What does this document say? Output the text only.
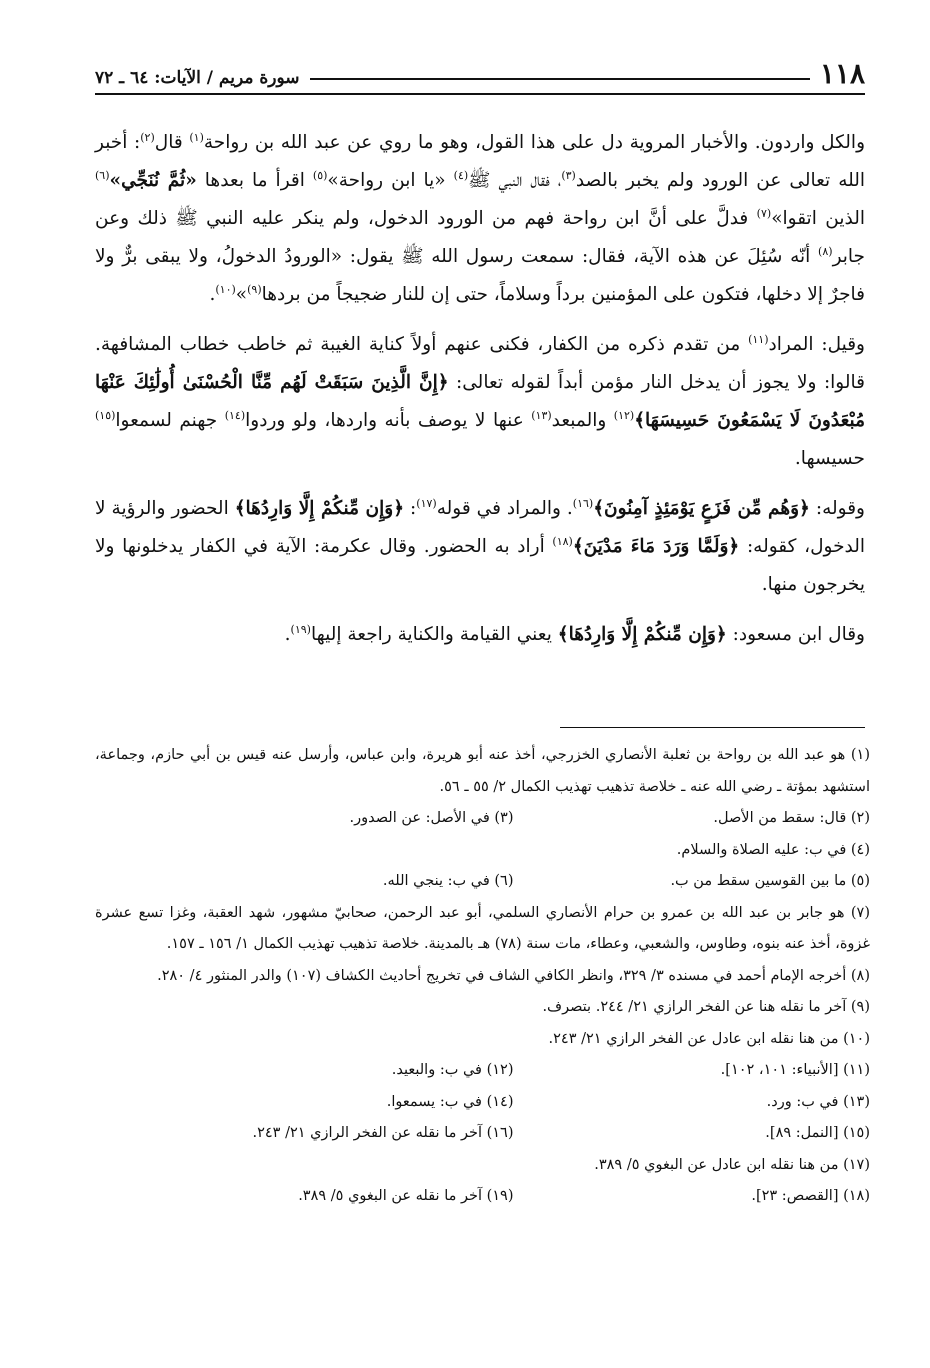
١١٨
سورة مريم / الآيات: ٦٤ ـ ٧٢

والكل واردون. والأخبار المروية دل على هذا القول، وهو ما روي عن عبد الله بن رواحة$^{(١)}$ قال$^{(٢)}$: أخبر الله تعالى عن الورود ولم يخبر بالصد$^{(٣)}$، فقال النبي ﷺ$^{(٤)}$ «يا ابن رواحة»$^{(٥)}$ اقرأ ما بعدها «ثُمَّ نُنَجِّي»$^{(٦)}$ الذين اتقوا»$^{(٧)}$ فدلَّ على أنَّ ابن رواحة فهم من الورود الدخول، ولم ينكر عليه النبي ﷺ ذلك وعن جابر$^{(٨)}$ أنّه سُئِلَ عن هذه الآية، فقال: سمعت رسول الله ﷺ يقول: «الورودُ الدخولُ، ولا يبقى برٌّ ولا فاجرٌ إلا دخلها، فتكون على المؤمنين برداً وسلاماً، حتى إن للنار ضجيجاً من بردها$^{(٩)}$»$^{(١٠)}$.

وقيل: المراد$^{(١١)}$ من تقدم ذكره من الكفار، فكنى عنهم أولاً كناية الغيبة ثم خاطب خطاب المشافهة. قالوا: ولا يجوز أن يدخل النار مؤمن أبداً لقوله تعالى: ﴿إِنَّ الَّذِينَ سَبَقَتْ لَهُم مِّنَّا الْحُسْنَىٰ أُولَٰئِكَ عَنْهَا مُبْعَدُونَ لَا يَسْمَعُونَ حَسِيسَهَا﴾$^{(١٢)}$ والمبعد$^{(١٣)}$ عنها لا يوصف بأنه واردها، ولو وردوا$^{(١٤)}$ جهنم لسمعوا$^{(١٥)}$ حسيسها.

وقوله: ﴿وَهُم مِّن فَزَعٍ يَوْمَئِذٍ آمِنُونَ﴾$^{(١٦)}$. والمراد في قوله$^{(١٧)}$: ﴿وَإِن مِّنكُمْ إِلَّا وَارِدُهَا﴾ الحضور والرؤية لا الدخول، كقوله: ﴿وَلَمَّا وَرَدَ مَاءَ مَدْيَنَ﴾$^{(١٨)}$ أراد به الحضور. وقال عكرمة: الآية في الكفار يدخلونها ولا يخرجون منها.

وقال ابن مسعود: ﴿وَإِن مِّنكُمْ إِلَّا وَارِدُهَا﴾ يعني القيامة والكناية راجعة إليها$^{(١٩)}$.

(١) هو عبد الله بن رواحة بن ثعلبة الأنصاري الخزرجي، أخذ عنه أبو هريرة، وابن عباس، وأرسل عنه قيس بن أبي حازم، وجماعة، استشهد بمؤتة ـ رضي الله عنه ـ خلاصة تذهيب تهذيب الكمال ٢/ ٥٥ ـ ٥٦.

(٢) قال: سقط من الأصل.

(٣) في الأصل: عن الصدور.

(٤) في ب: عليه الصلاة والسلام.

(٥) ما بين القوسين سقط من ب.

(٦) في ب: ينجي الله.

(٧) هو جابر بن عبد الله بن عمرو بن حرام الأنصاري السلمي، أبو عبد الرحمن، صحابيّ مشهور، شهد العقبة، وغزا تسع عشرة غزوة، أخذ عنه بنوه، وطاوس، والشعبي، وعطاء، مات سنة (٧٨) هـ بالمدينة. خلاصة تذهيب تهذيب الكمال ١/ ١٥٦ ـ ١٥٧.

(٨) أخرجه الإمام أحمد في مسنده ٣/ ٣٢٩، وانظر الكافي الشاف في تخريج أحاديث الكشاف (١٠٧) والدر المنثور ٤/ ٢٨٠.

(٩) آخر ما نقله هنا عن الفخر الرازي ٢١/ ٢٤٤. بتصرف.

(١٠) من هنا نقله ابن عادل عن الفخر الرازي ٢١/ ٢٤٣.

(١١) [الأنبياء: ١٠١، ١٠٢].

(١٢) في ب: والبعيد.

(١٣) في ب: ورد.

(١٤) في ب: يسمعوا.

(١٥) [النمل: ٨٩].

(١٦) آخر ما نقله عن الفخر الرازي ٢١/ ٢٤٣.

(١٧) من هنا نقله ابن عادل عن البغوي ٥/ ٣٨٩.

(١٨) [القصص: ٢٣].

(١٩) آخر ما نقله عن البغوي ٥/ ٣٨٩.
